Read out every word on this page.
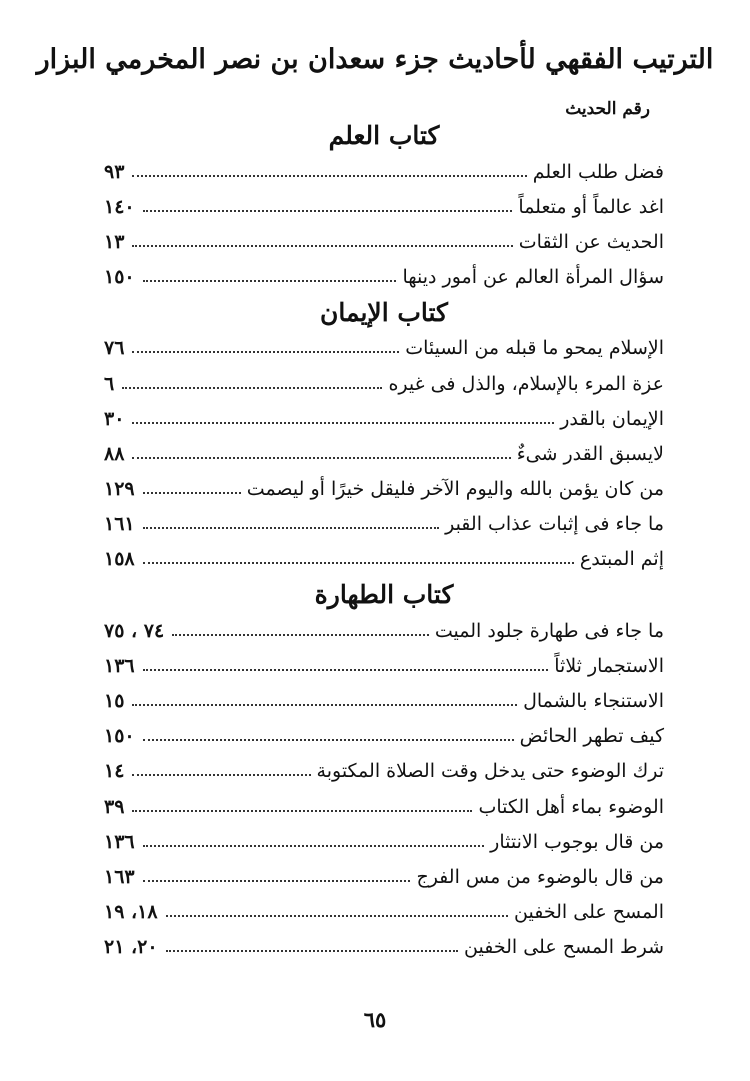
الترتيب الفقهي لأحاديث جزء سعدان بن نصر المخرمي البزار
رقم الحديث
كتاب العلم
فضل طلب العلم
٩٣
اغد عالماً أو متعلماً
١٤٠
الحديث عن الثقات
١٣
سؤال المرأة العالم عن أمور دينها
١٥٠
كتاب الإيمان
الإسلام يمحو ما قبله من السيئات
٧٦
عزة المرء بالإسلام، والذل فى غيره
٦
الإيمان بالقدر
٣٠
لايسبق القدر شىءٌ
٨٨
من كان يؤمن بالله واليوم الآخر فليقل خيرًا أو ليصمت
١٢٩
ما جاء فى إثبات عذاب القبر
١٦١
إثم المبتدع
١٥٨
كتاب الطهارة
ما جاء فى طهارة جلود الميت
٧٤ ، ٧٥
الاستجمار ثلاثاً
١٣٦
الاستنجاء بالشمال
١٥
كيف تطهر الحائض
١٥٠
ترك الوضوء حتى يدخل وقت الصلاة المكتوبة
١٤
الوضوء بماء أهل الكتاب
٣٩
من قال بوجوب الانتثار
١٣٦
من قال بالوضوء من مس الفرج
١٦٣
المسح على الخفين
١٨، ١٩
شرط المسح على الخفين
٢٠، ٢١
٦٥
